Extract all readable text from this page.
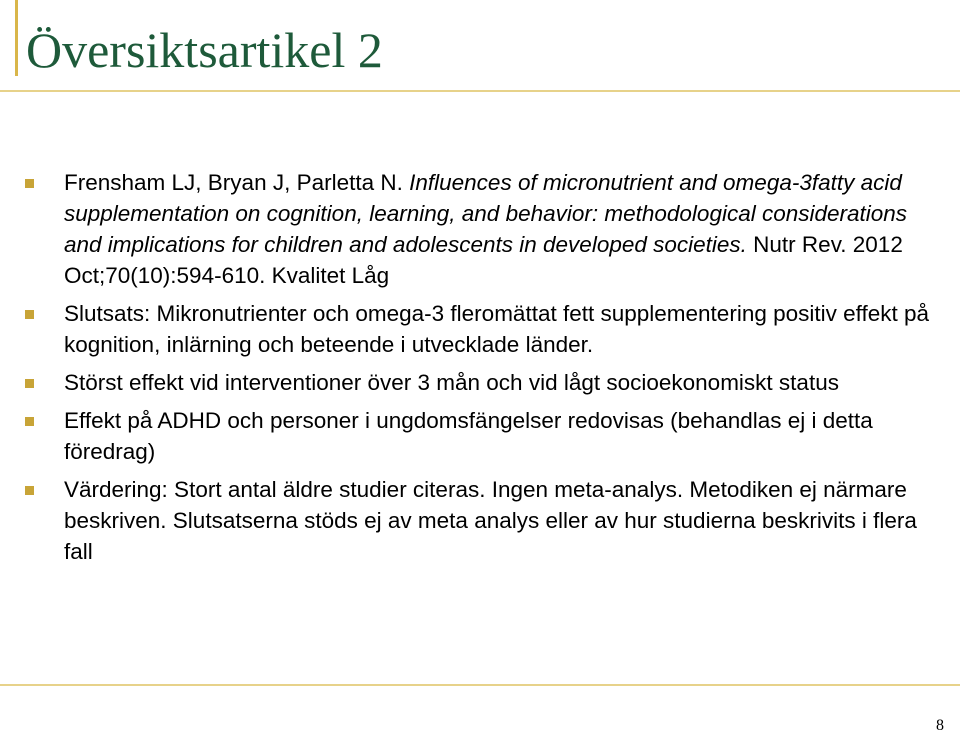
Översiktsartikel 2
Frensham LJ, Bryan J, Parletta N. Influences of micronutrient and omega-3fatty acid supplementation on cognition, learning, and behavior: methodological considerations and implications for children and adolescents in developed societies. Nutr Rev. 2012 Oct;70(10):594-610. Kvalitet Låg
Slutsats: Mikronutrienter och omega-3 fleromättat fett supplementering positiv effekt på kognition, inlärning och beteende i utvecklade länder.
Störst effekt vid interventioner över 3 mån och vid lågt socioekonomiskt status
Effekt på ADHD och personer i ungdomsfängelser redovisas (behandlas ej i detta föredrag)
Värdering: Stort antal äldre studier citeras. Ingen meta-analys. Metodiken ej närmare beskriven. Slutsatserna stöds ej av meta analys eller av hur studierna beskrivits i flera fall
8
